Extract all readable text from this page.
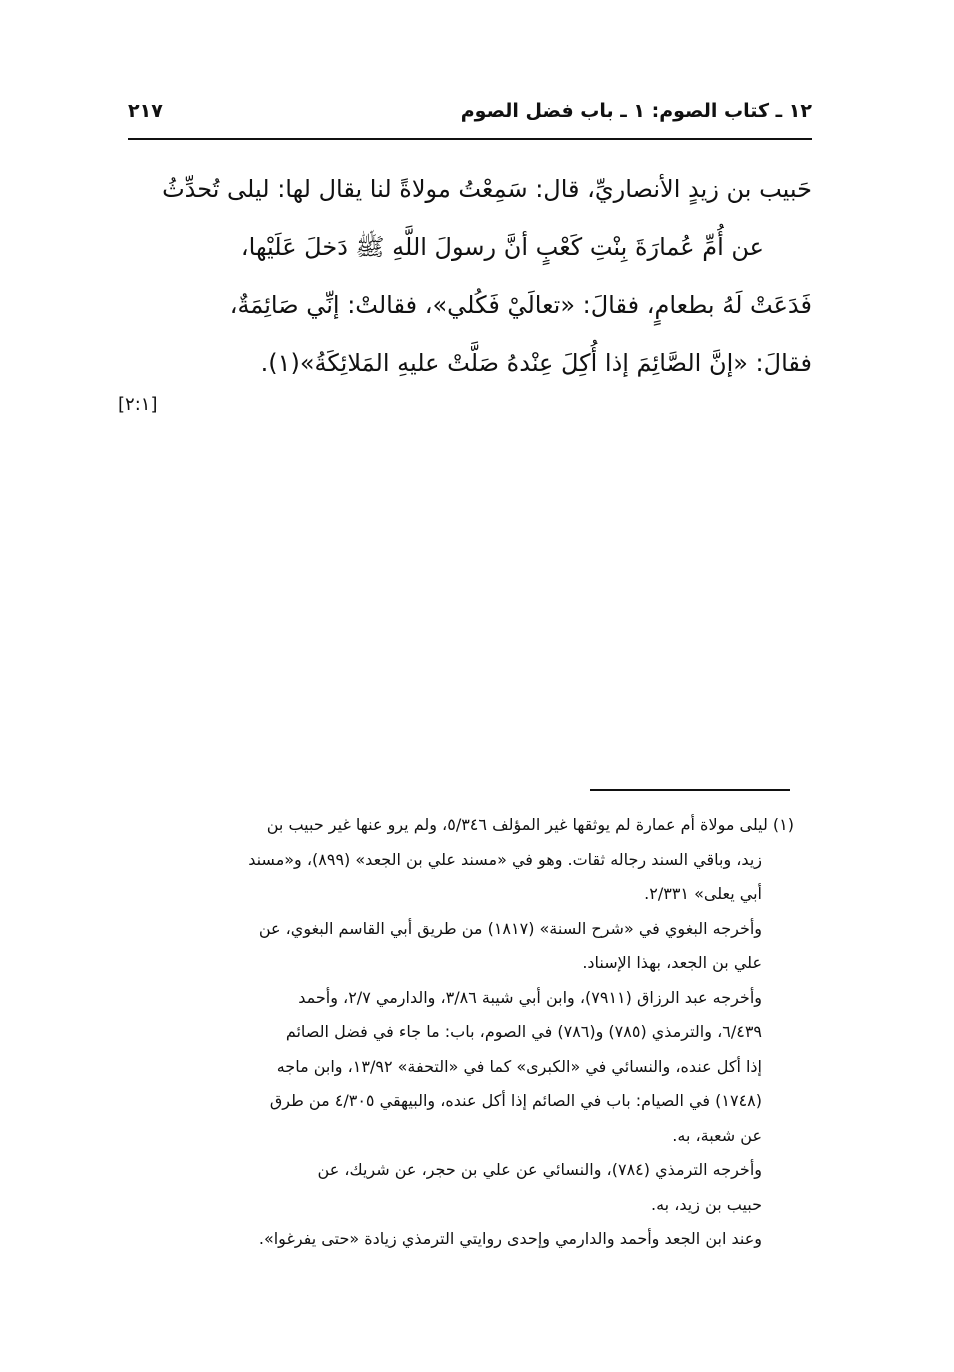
١٢ ـ كتاب الصوم: ١ ـ باب فضل الصوم
٢١٧

حَبيب بن زيدٍ الأنصاريِّ، قال: سَمِعْتُ مولاةً لنا يقال لها: ليلى تُحدِّثُ

عن أُمِّ عُمارَةَ بِنْتِ كَعْبٍ أنَّ رسولَ اللَّهِ ﷺ دَخلَ عَلَيْها،

فَدَعَتْ لَهُ بطعامٍ، فقالَ: «تعالَيْ فَكُلي»، فقالتْ: إنِّي صَائِمَةٌ،

فقالَ: «إنَّ الصَّائِمَ إذا أُكِلَ عِنْدهُ صَلَّتْ عليهِ المَلائِكَةُ»(١).

[٢:١]

(١) ليلى مولاة أم عمارة لم يوثقها غير المؤلف ٥/٣٤٦، ولم يرو عنها غير حبيب بن

زيد، وباقي السند رجاله ثقات. وهو في «مسند علي بن الجعد» (٨٩٩)، و«مسند

أبي يعلى» ٢/٣٣١.

وأخرجه البغوي في «شرح السنة» (١٨١٧) من طريق أبي القاسم البغوي، عن

علي بن الجعد، بهذا الإسناد.

وأخرجه عبد الرزاق (٧٩١١)، وابن أبي شيبة ٣/٨٦، والدارمي ٢/٧، وأحمد

٦/٤٣٩، والترمذي (٧٨٥) و(٧٨٦) في الصوم، باب: ما جاء في فضل الصائم

إذا أكل عنده، والنسائي في «الكبرى» كما في «التحفة» ١٣/٩٢، وابن ماجه

(١٧٤٨) في الصيام: باب في الصائم إذا أكل عنده، والبيهقي ٤/٣٠٥ من طرق

عن شعبة، به.

وأخرجه الترمذي (٧٨٤)، والنسائي عن علي بن حجر، عن شريك، عن

حبيب بن زيد، به.

وعند ابن الجعد وأحمد والدارمي وإحدى روايتي الترمذي زيادة «حتى يفرغوا».
